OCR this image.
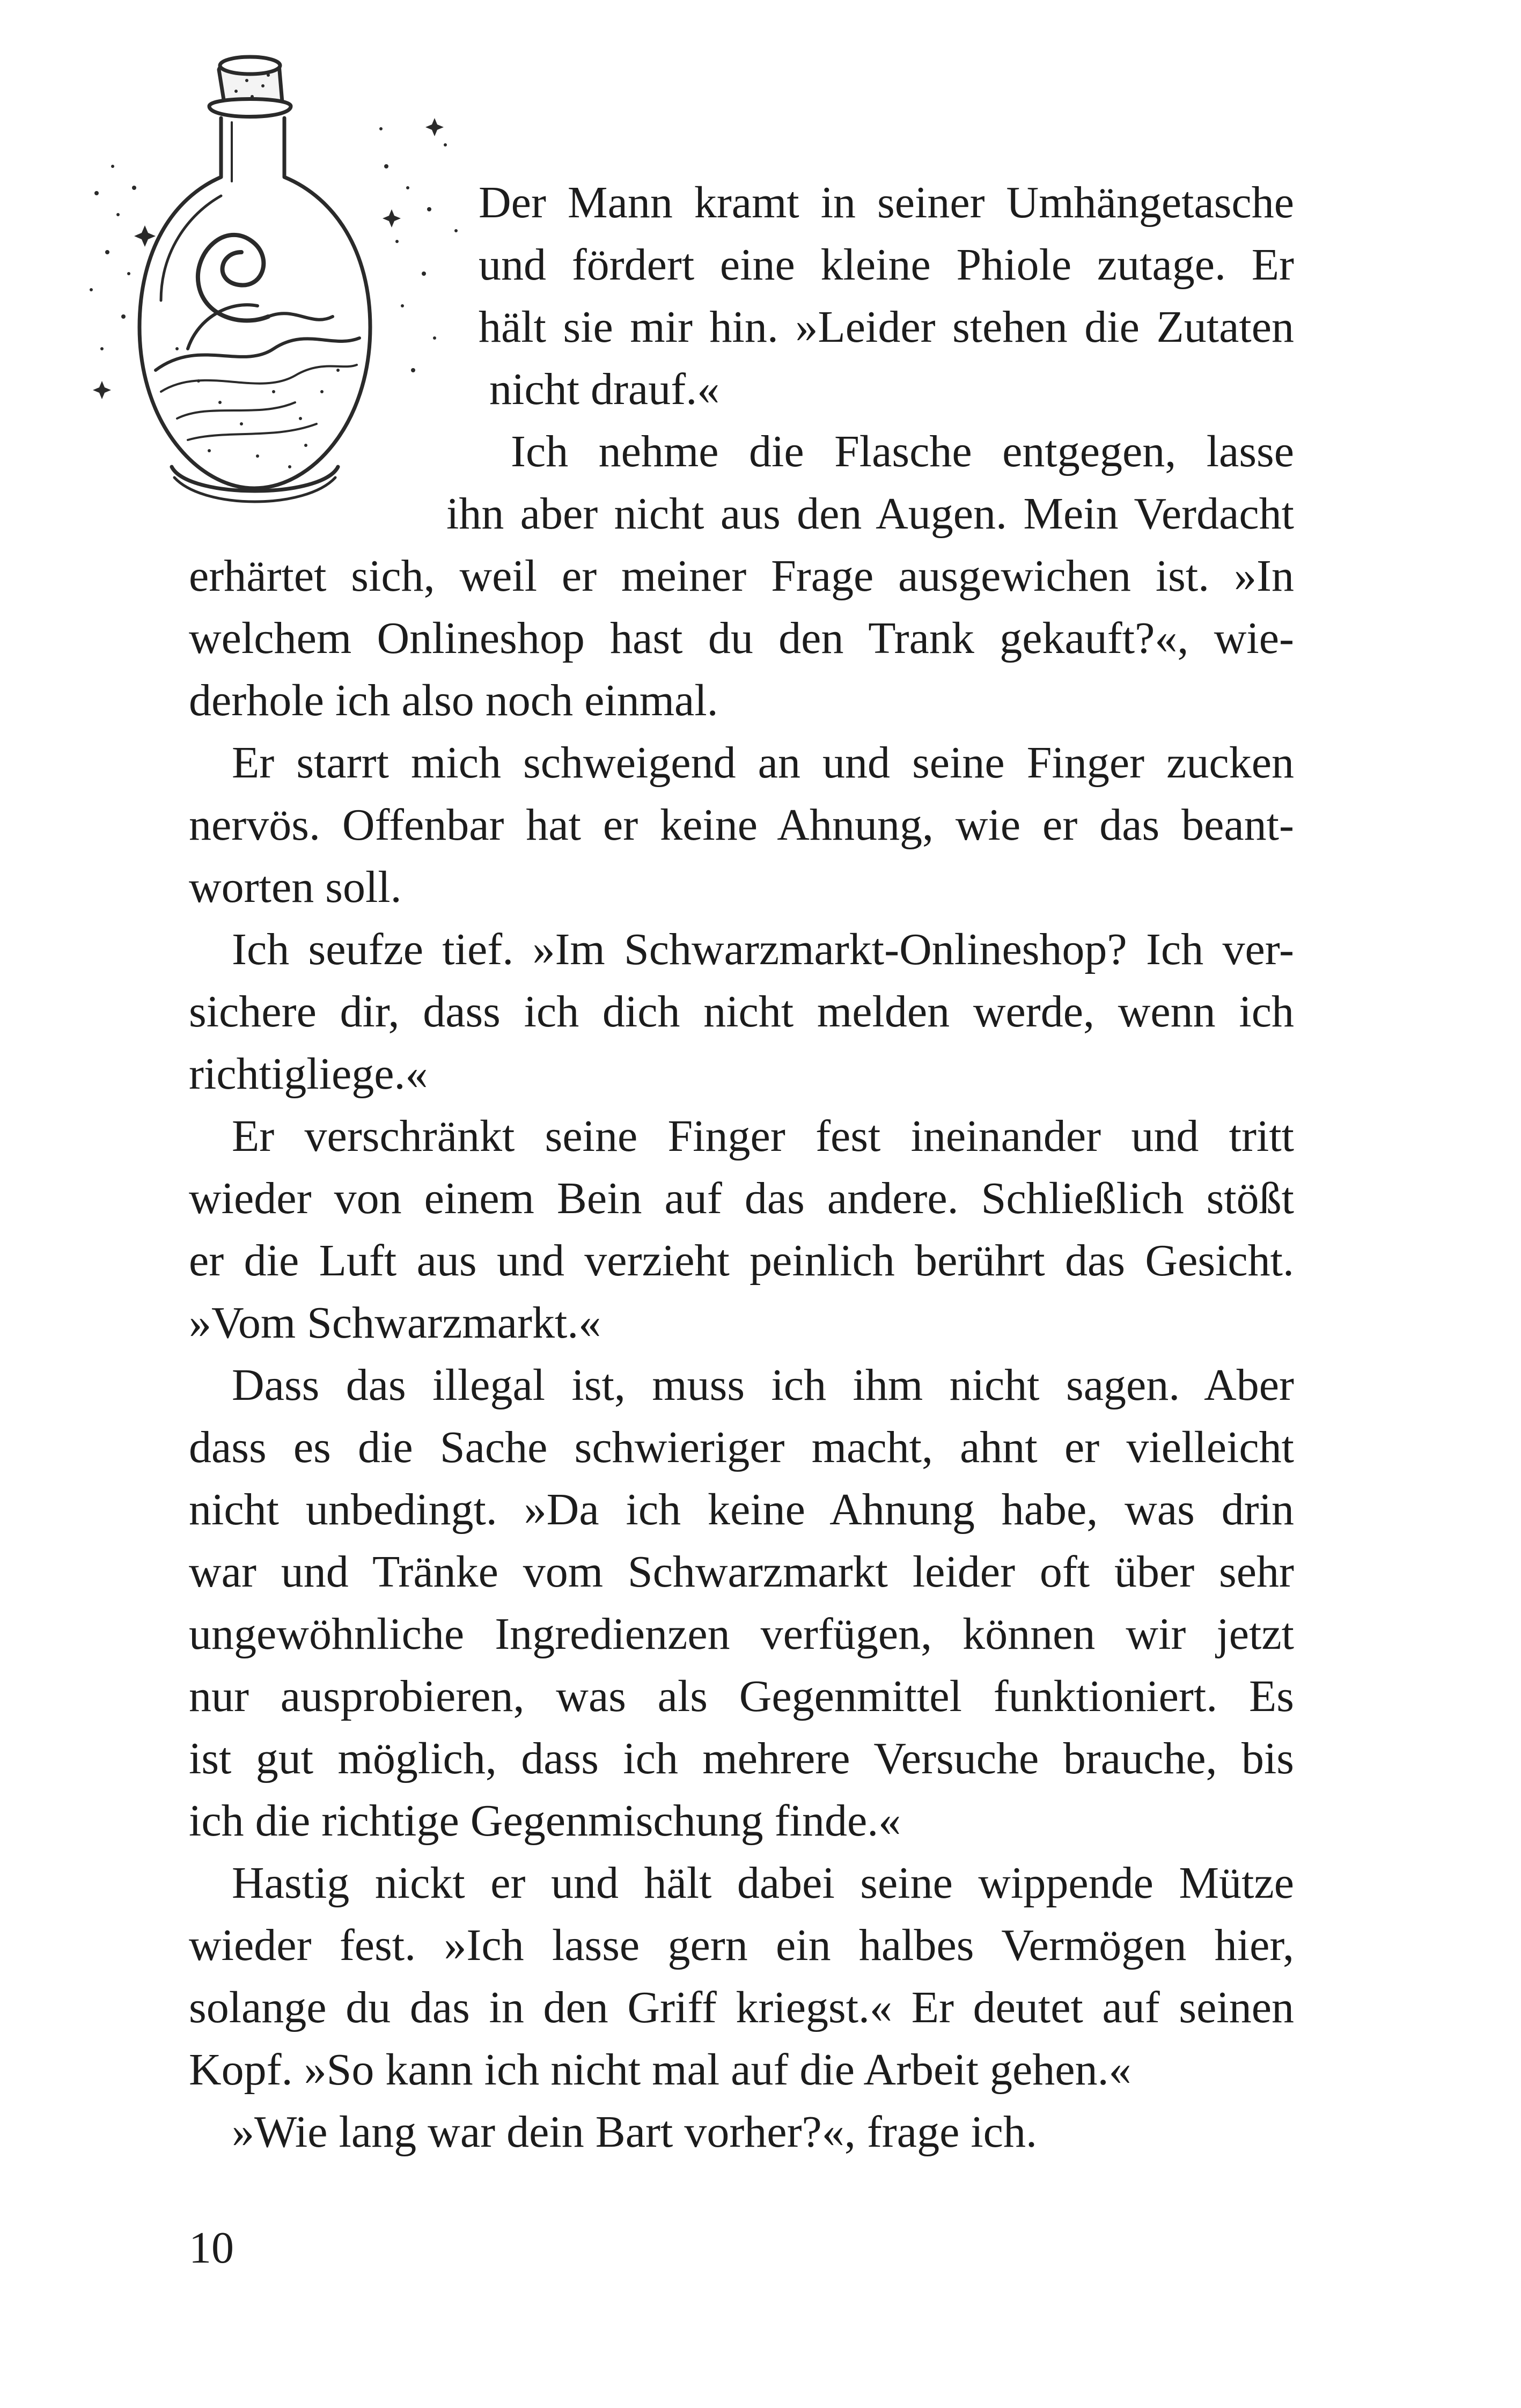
Der Mann kramt in seiner Umhängetasche
und fördert eine kleine Phiole zutage. Er
hält sie mir hin. »Leider stehen die Zutaten
nicht drauf.«
Ich nehme die Flasche entgegen, lasse
ihn aber nicht aus den Augen. Mein Verdacht
erhärtet sich, weil er meiner Frage ausgewichen ist. »In
welchem Onlineshop hast du den Trank gekauft?«, wie-
derhole ich also noch einmal.
Er starrt mich schweigend an und seine Finger zucken
nervös. Offenbar hat er keine Ahnung, wie er das beant-
worten soll.
Ich seufze tief. »Im Schwarzmarkt-Onlineshop? Ich ver-
sichere dir, dass ich dich nicht melden werde, wenn ich
richtigliege.«
Er verschränkt seine Finger fest ineinander und tritt
wieder von einem Bein auf das andere. Schließlich stößt
er die Luft aus und verzieht peinlich berührt das Gesicht.
»Vom Schwarzmarkt.«
Dass das illegal ist, muss ich ihm nicht sagen. Aber
dass es die Sache schwieriger macht, ahnt er vielleicht
nicht unbedingt. »Da ich keine Ahnung habe, was drin
war und Tränke vom Schwarzmarkt leider oft über sehr
ungewöhnliche Ingredienzen verfügen, können wir jetzt
nur ausprobieren, was als Gegenmittel funktioniert. Es
ist gut möglich, dass ich mehrere Versuche brauche, bis
ich die richtige Gegenmischung finde.«
Hastig nickt er und hält dabei seine wippende Mütze
wieder fest. »Ich lasse gern ein halbes Vermögen hier,
solange du das in den Griff kriegst.« Er deutet auf seinen
Kopf. »So kann ich nicht mal auf die Arbeit gehen.«
»Wie lang war dein Bart vorher?«, frage ich.
10
